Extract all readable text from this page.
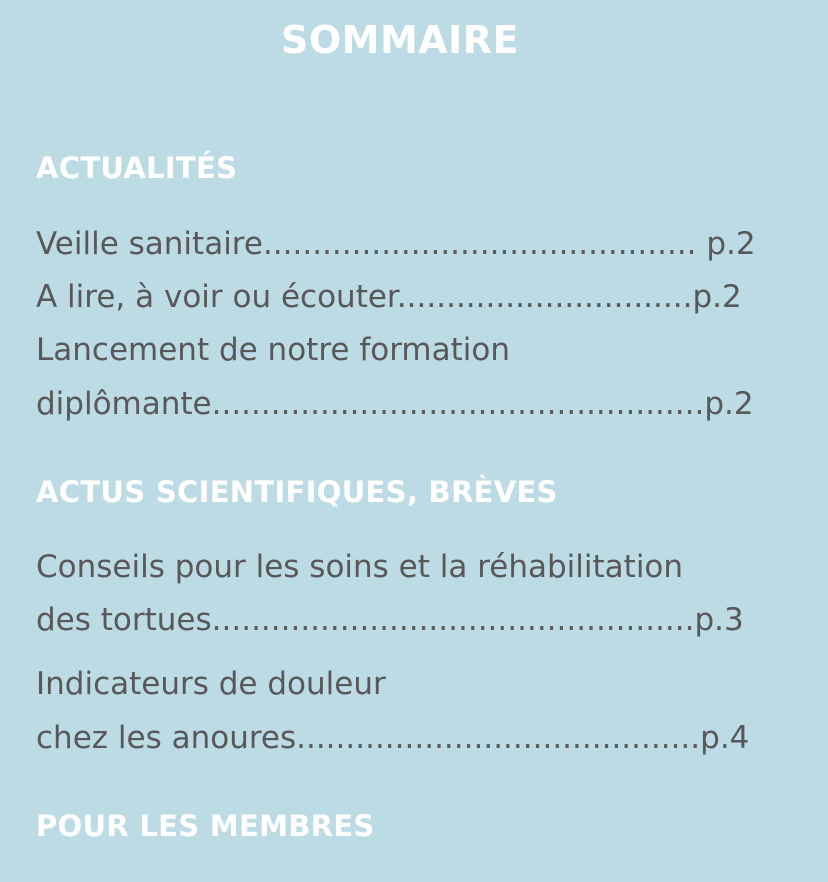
SOMMAIRE
ACTUALITÉS
Veille sanitaire............................................ p.2
A lire, à voir ou écouter..............................p.2
Lancement de notre formation
diplômante..................................................p.2
ACTUS SCIENTIFIQUES, BRÈVES
Conseils pour les soins et la réhabilitation
des tortues.................................................p.3
Indicateurs de douleur
chez les anoures.........................................p.4
POUR LES MEMBRES
